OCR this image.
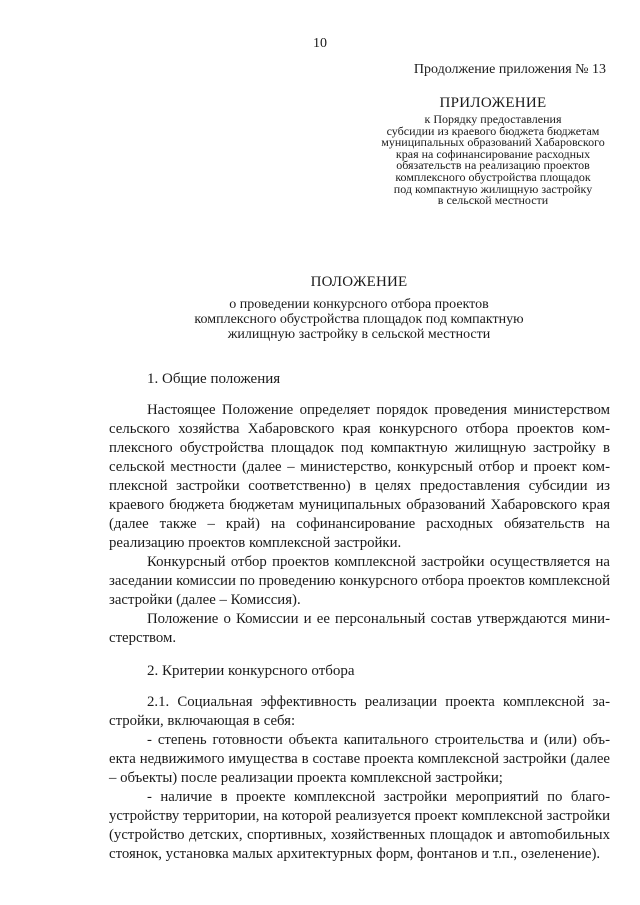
10
Продолжение приложения № 13
ПРИЛОЖЕНИЕ
к Порядку предоставления
субсидии из краевого бюджета бюджетам
муниципальных образований Хабаровского
края на софинансирование расходных
обязательств на реализацию проектов
комплексного обустройства площадок
под компактную жилищную застройку
в сельской местности
ПОЛОЖЕНИЕ
о проведении конкурсного отбора проектов
комплексного обустройства площадок под компактную
жилищную застройку в сельской местности
1. Общие положения

Настоящее Положение определяет порядок проведения министерством сельского хозяйства Хабаровского края конкурсного отбора проектов комплексного обустройства площадок под компактную жилищную застройку в сельской местности (далее – министерство, конкурсный отбор и проект комплексной застройки соответственно) в целях предоставления субсидии из краевого бюджета бюджетам муниципальных образований Хабаровского края (далее также – край) на софинансирование расходных обязательств на реализацию проектов комплексной застройки.

Конкурсный отбор проектов комплексной застройки осуществляется на заседании комиссии по проведению конкурсного отбора проектов комплексной застройки (далее – Комиссия).

Положение о Комиссии и ее персональный состав утверждаются министерством.

2. Критерии конкурсного отбора

2.1. Социальная эффективность реализации проекта комплексной застройки, включающая в себя:

- степень готовности объекта капитального строительства и (или) объекта недвижимого имущества в составе проекта комплексной застройки (далее – объекты) после реализации проекта комплексной застройки;

- наличие в проекте комплексной застройки мероприятий по благоустройству территории, на которой реализуется проект комплексной застройки (устройство детских, спортивных, хозяйственных площадок и автоmобильных стоянок, установка малых архитектурных форм, фонтанов и т.п., озеленение).
